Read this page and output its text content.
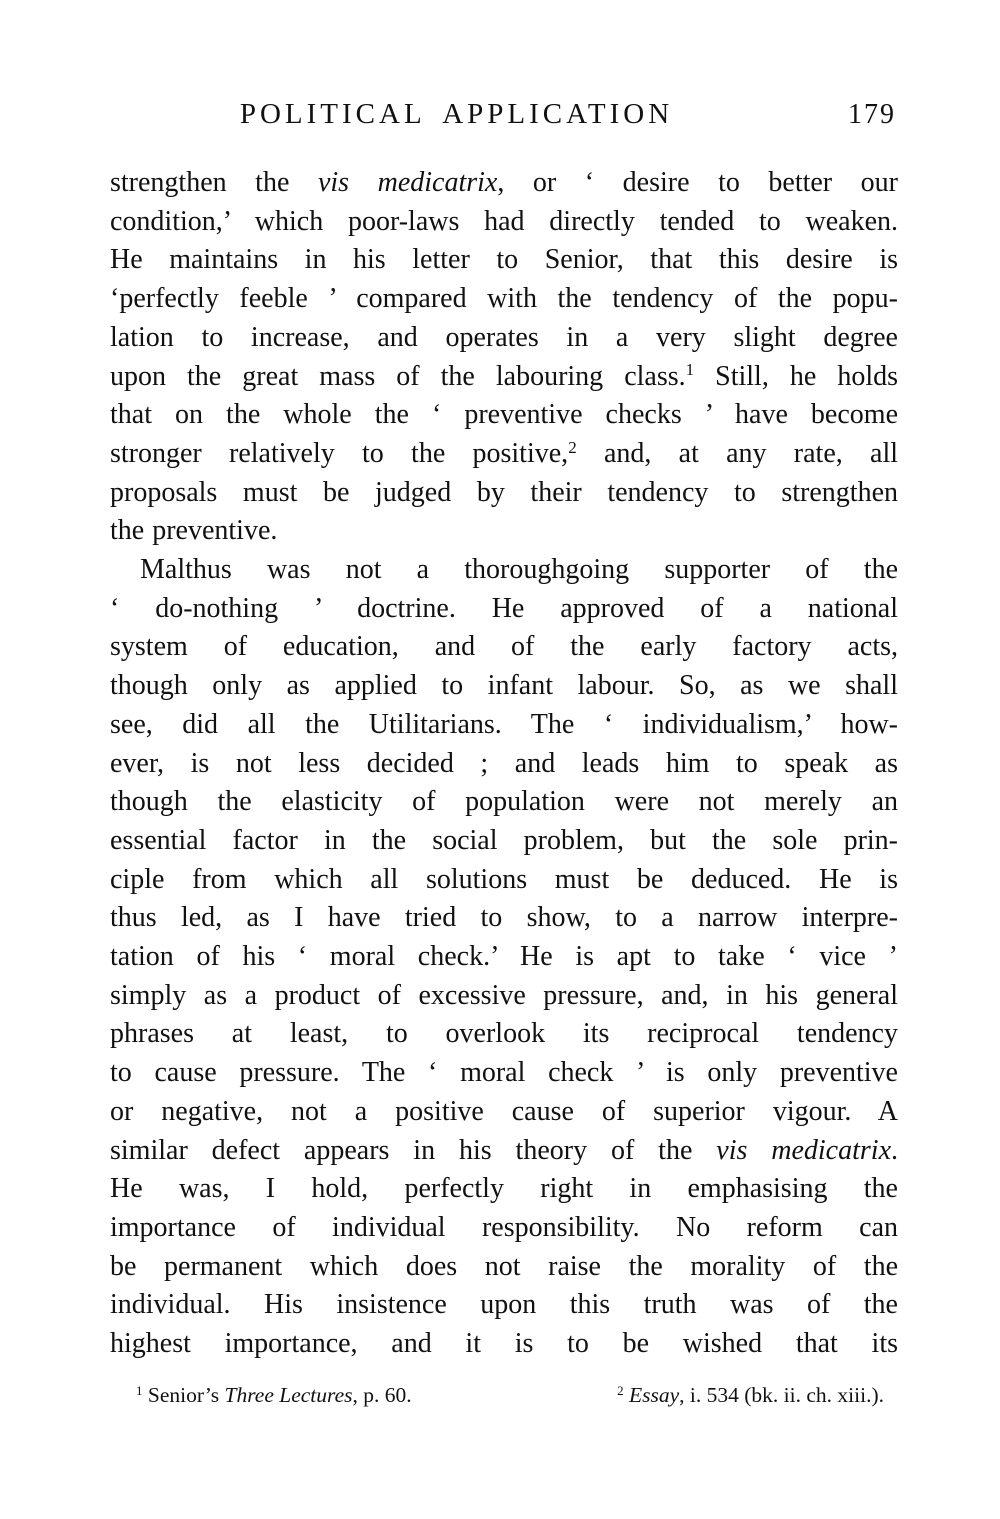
POLITICAL APPLICATION	179
strengthen the vis medicatrix, or ‘ desire to better our
condition,’ which poor-laws had directly tended to weaken.
He maintains in his letter to Senior, that this desire is
‘perfectly feeble ’ compared with the tendency of the popu-
lation to increase, and operates in a very slight degree
upon the great mass of the labouring class.$^1$ Still, he holds
that on the whole the ‘ preventive checks ’ have become
stronger relatively to the positive,$^2$ and, at any rate, all
proposals must be judged by their tendency to strengthen
the preventive.
Malthus was not a thoroughgoing supporter of the
‘ do-nothing ’ doctrine. He approved of a national
system of education, and of the early factory acts,
though only as applied to infant labour. So, as we shall
see, did all the Utilitarians. The ‘ individualism,’ how-
ever, is not less decided ; and leads him to speak as
though the elasticity of population were not merely an
essential factor in the social problem, but the sole prin-
ciple from which all solutions must be deduced. He is
thus led, as I have tried to show, to a narrow interpre-
tation of his ‘ moral check.’ He is apt to take ‘ vice ’
simply as a product of excessive pressure, and, in his general
phrases at least, to overlook its reciprocal tendency
to cause pressure. The ‘ moral check ’ is only preventive
or negative, not a positive cause of superior vigour. A
similar defect appears in his theory of the vis medicatrix.
He was, I hold, perfectly right in emphasising the
importance of individual responsibility. No reform can
be permanent which does not raise the morality of the
individual. His insistence upon this truth was of the
highest importance, and it is to be wished that its
$^1$ Senior’s Three Lectures, p. 60.	$^2$ Essay, i. 534 (bk. ii. ch. xiii.).
